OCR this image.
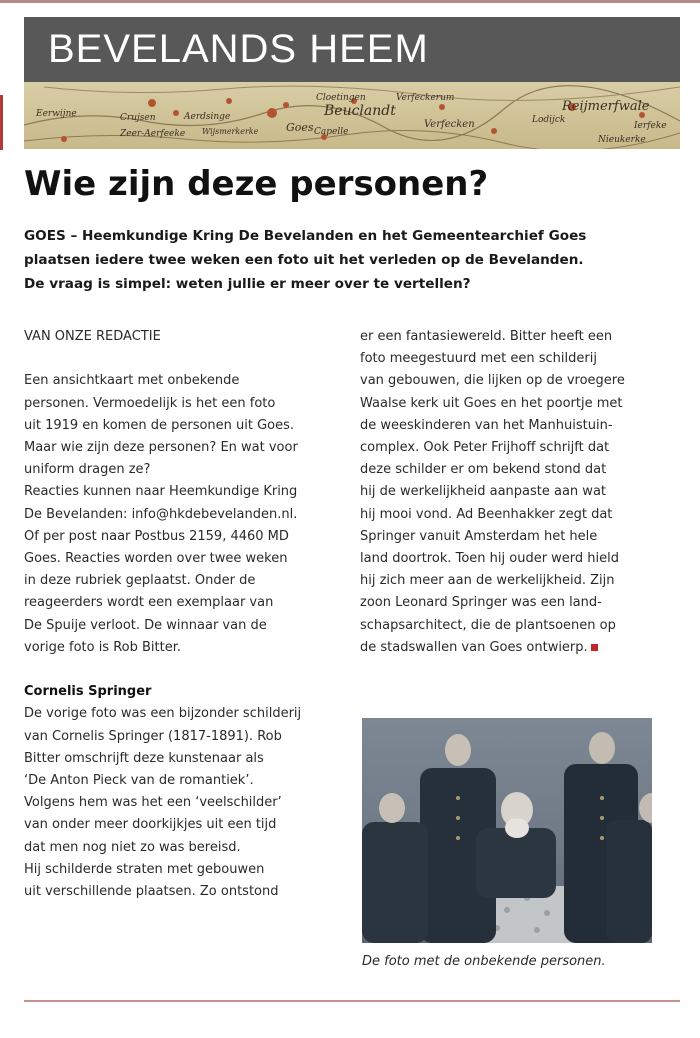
Eerwijne	Crujsen
Zeer-Aerfeeke
Aerdsinge
Wijsmerkerke	Goes
Cloetingen
Beuclandt
Verfeckerum
Capelle
Verfecken
Reijmerfwale
Lodijck
Nieukerke
Ierfeke
BEVELANDS HEEM
Wie zijn deze personen?
GOES – Heemkundige Kring De Bevelanden en het Gemeentearchief Goes
plaatsen iedere twee weken een foto uit het verleden op de Bevelanden.
De vraag is simpel: weten jullie er meer over te vertellen?
VAN ONZE REDACTIE
Een ansichtkaart met onbekende
personen. Vermoedelijk is het een foto
uit 1919 en komen de personen uit Goes.
Maar wie zijn deze personen? En wat voor
uniform dragen ze?
Reacties kunnen naar Heemkundige Kring
De Bevelanden: info@hkdebevelanden.nl.
Of per post naar Postbus 2159, 4460 MD
Goes. Reacties worden over twee weken
in deze rubriek geplaatst. Onder de
reageerders wordt een exemplaar van
De Spuije verloot. De winnaar van de
vorige foto is Rob Bitter.
Cornelis Springer
De vorige foto was een bijzonder schilderij
van Cornelis Springer (1817-1891). Rob
Bitter omschrijft deze kunstenaar als
‘De Anton Pieck van de romantiek’.
Volgens hem was het een ‘veelschilder’
van onder meer doorkijkjes uit een tijd
dat men nog niet zo was bereisd.
Hij schilderde straten met gebouwen
uit verschillende plaatsen. Zo ontstond
er een fantasiewereld. Bitter heeft een
foto meegestuurd met een schilderij
van gebouwen, die lijken op de vroegere
Waalse kerk uit Goes en het poortje met
de weeskinderen van het Manhuistuin-
complex. Ook Peter Frijhoff schrijft dat
deze schilder er om bekend stond dat
hij de werkelijkheid aanpaste aan wat
hij mooi vond. Ad Beenhakker zegt dat
Springer vanuit Amsterdam het hele
land doortrok. Toen hij ouder werd hield
hij zich meer aan de werkelijkheid. Zijn
zoon Leonard Springer was een land-
schapsarchitect, die de plantsoenen op
de stadswallen van Goes ontwierp.
De foto met de onbekende personen.
